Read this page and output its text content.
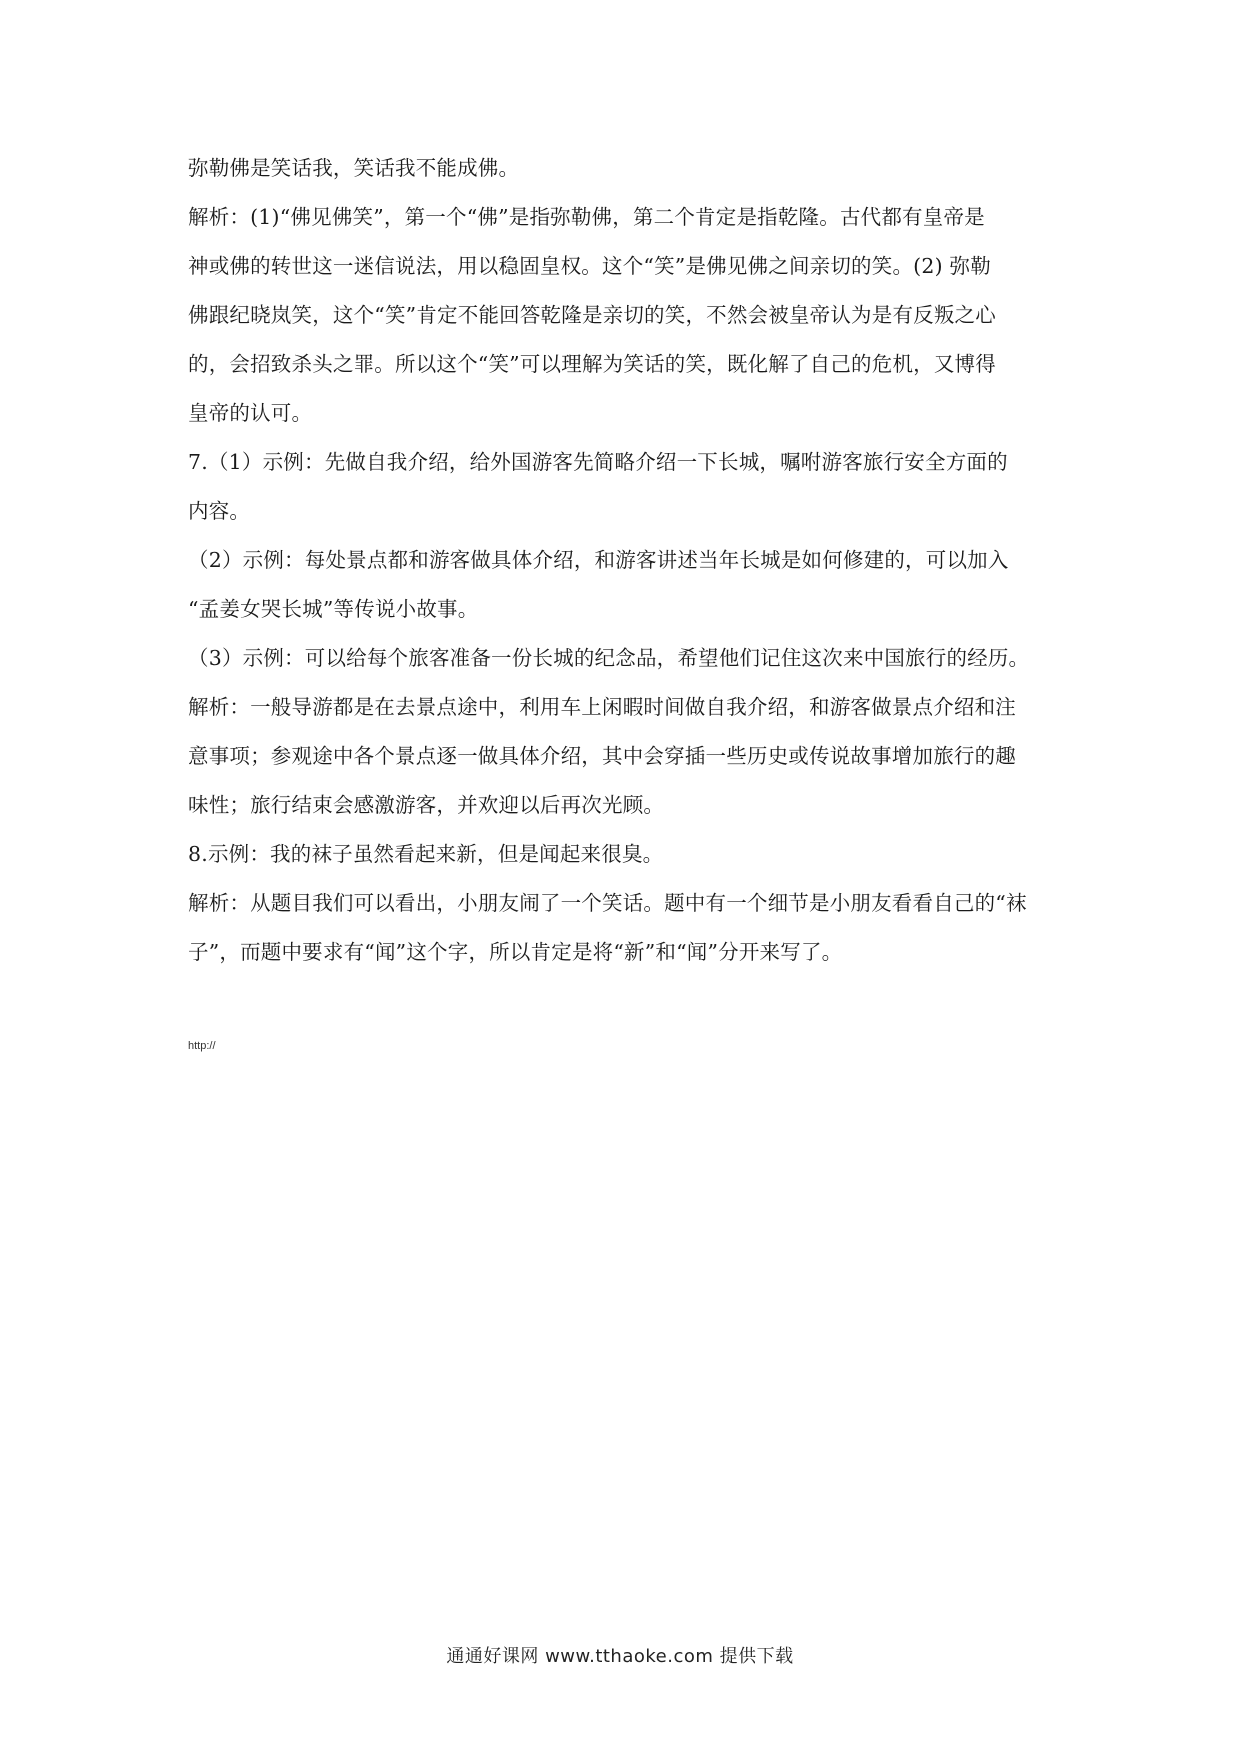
弥勒佛是笑话我，笑话我不能成佛。
解析：(1)“佛见佛笑”，第一个“佛”是指弥勒佛，第二个肯定是指乾隆。古代都有皇帝是
神或佛的转世这一迷信说法，用以稳固皇权。这个“笑”是佛见佛之间亲切的笑。(2) 弥勒
佛跟纪晓岚笑，这个“笑”肯定不能回答乾隆是亲切的笑，不然会被皇帝认为是有反叛之心
的，会招致杀头之罪。所以这个“笑”可以理解为笑话的笑，既化解了自己的危机，又博得
皇帝的认可。
7.（1）示例：先做自我介绍，给外国游客先简略介绍一下长城，嘱咐游客旅行安全方面的
内容。
（2）示例：每处景点都和游客做具体介绍，和游客讲述当年长城是如何修建的，可以加入
“孟姜女哭长城”等传说小故事。
（3）示例：可以给每个旅客准备一份长城的纪念品，希望他们记住这次来中国旅行的经历。
解析：一般导游都是在去景点途中，利用车上闲暇时间做自我介绍，和游客做景点介绍和注
意事项；参观途中各个景点逐一做具体介绍，其中会穿插一些历史或传说故事增加旅行的趣
味性；旅行结束会感激游客，并欢迎以后再次光顾。
8.示例：我的袜子虽然看起来新，但是闻起来很臭。
解析：从题目我们可以看出，小朋友闹了一个笑话。题中有一个细节是小朋友看看自己的“袜
子”，而题中要求有“闻”这个字，所以肯定是将“新”和“闻”分开来写了。
http://
通通好课网 www.tthaoke.com 提供下载
